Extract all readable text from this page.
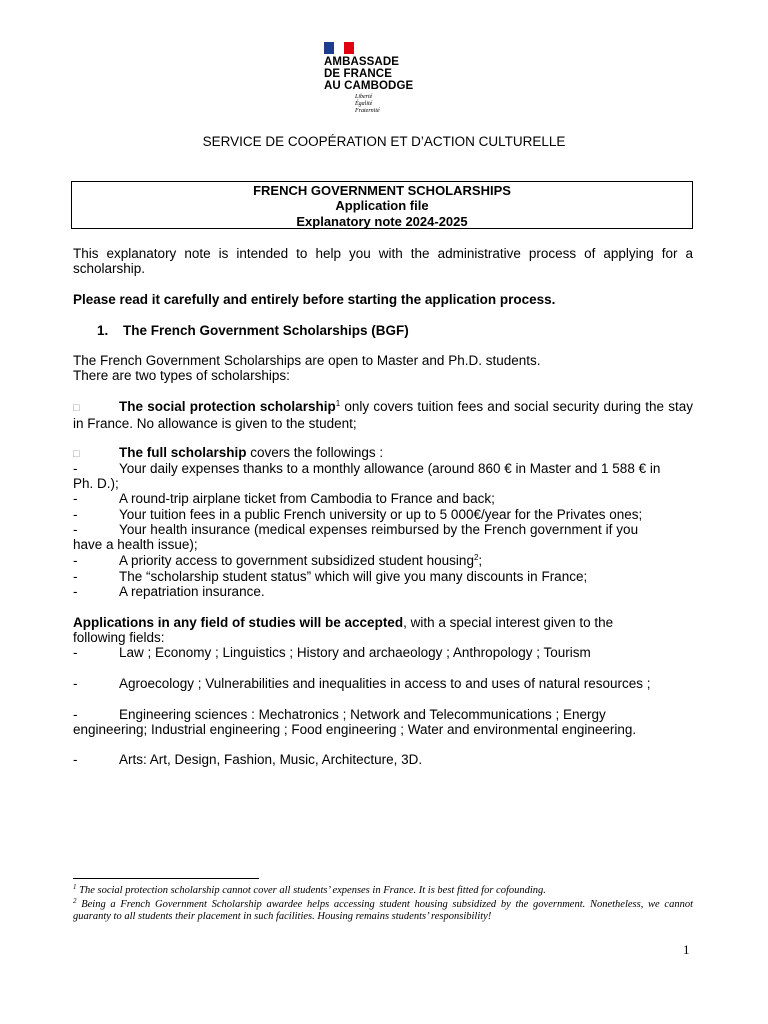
AMBASSADE
DE FRANCE
AU CAMBODGE
Liberté
Égalité
Fraternité
SERVICE DE COOPÉRATION ET D’ACTION CULTURELLE
FRENCH GOVERNMENT SCHOLARSHIPS
Application file
Explanatory note 2024-2025
This explanatory note is intended to help you with the administrative process of applying for a scholarship.
Please read it carefully and entirely before starting the application process.
1. The French Government Scholarships (BGF)
The French Government Scholarships are open to Master and Ph.D. students.
There are two types of scholarships:
□	The social protection scholarship$^1$ only covers tuition fees and social security during the stay in France. No allowance is given to the student;
□	The full scholarship covers the followings :
-	Your daily expenses thanks to a monthly allowance (around 860 € in Master and 1 588 € in
Ph. D.);
-	A round-trip airplane ticket from Cambodia to France and back;
-	Your tuition fees in a public French university or up to 5 000€/year for the Privates ones;
-	Your health insurance (medical expenses reimbursed by the French government if you
have a health issue);
-	A priority access to government subsidized student housing$^2$;
-	The “scholarship student status” which will give you many discounts in France;
-	A repatriation insurance.
Applications in any field of studies will be accepted, with a special interest given to the
following fields:
-	Law ; Economy ; Linguistics ; History and archaeology ; Anthropology ; Tourism
-	Agroecology ; Vulnerabilities and inequalities in access to and uses of natural resources ;
-	Engineering sciences : Mechatronics ; Network and Telecommunications ; Energy
engineering; Industrial engineering ; Food engineering ; Water and environmental engineering.
-	Arts: Art, Design, Fashion, Music, Architecture, 3D.
$^1$ The social protection scholarship cannot cover all students’ expenses in France. It is best fitted for cofounding.
$^2$ Being a French Government Scholarship awardee helps accessing student housing subsidized by the government. Nonetheless, we cannot guaranty to all students their placement in such facilities. Housing remains students’ responsibility!
1
